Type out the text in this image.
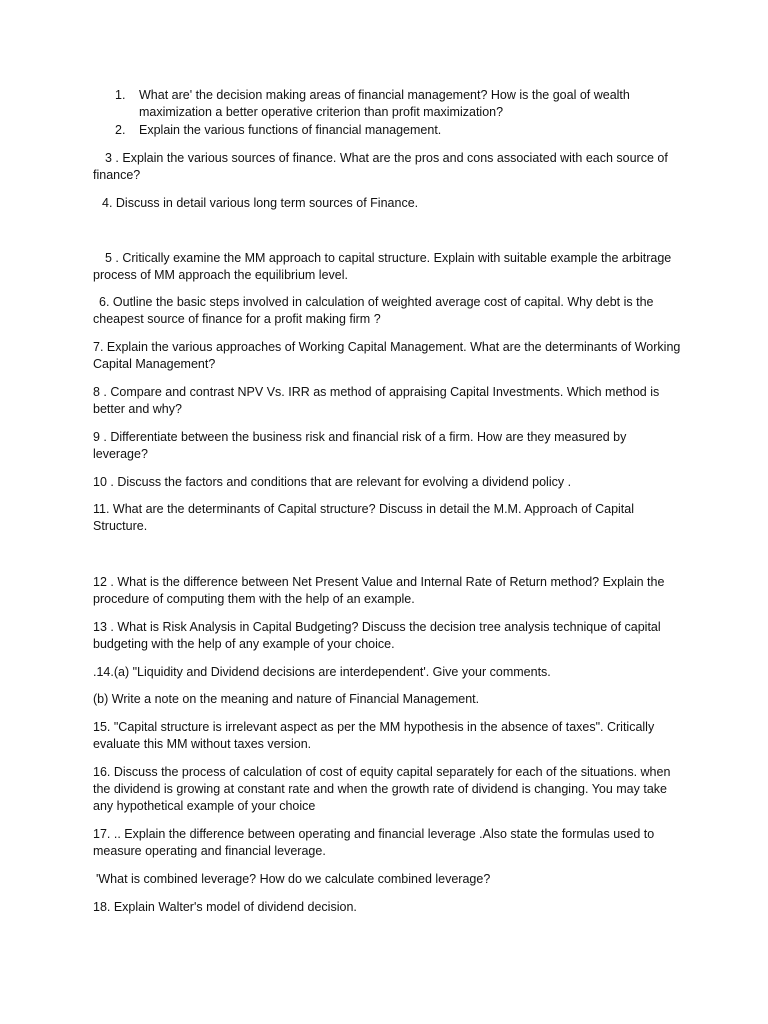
1. What are' the decision making areas of financial management? How is the goal of wealth maximization a better operative criterion than profit maximization?
2. Explain the various functions of financial management.
3 . Explain the various sources of finance. What are the pros and cons associated with each source of finance?
4. Discuss in detail various long term sources of Finance.
5 . Critically examine the MM approach to capital structure. Explain with suitable example the arbitrage process of MM approach the equilibrium level.
6. Outline the basic steps involved in calculation of weighted average cost of capital. Why debt is the cheapest source of finance for a profit making firm ?
7. Explain the various approaches of Working Capital Management. What are the determinants of Working Capital Management?
8 . Compare and contrast NPV Vs. IRR as method of appraising Capital Investments. Which method is better and why?
9 . Differentiate between the business risk and financial risk of a firm. How are they measured by leverage?
10 . Discuss the factors and conditions that are relevant for evolving a dividend policy .
11. What are the determinants of Capital structure? Discuss in detail the M.M. Approach of Capital Structure.
12 . What is the difference between Net Present Value and Internal Rate of Return method? Explain the procedure of computing them with the help of an example.
13 . What is Risk Analysis in Capital Budgeting? Discuss the decision tree analysis technique of capital budgeting with the help of any example of your choice.
.14.(a) "Liquidity and Dividend decisions are interdependent'. Give your comments.
(b) Write a note on the meaning and nature of Financial Management.
15. "Capital structure is irrelevant aspect as per the MM hypothesis in the absence of taxes". Critically evaluate this MM without taxes version.
16. Discuss the process of calculation of cost of equity capital separately for each of the situations. when the dividend is growing at constant rate and when the growth rate of dividend is changing. You may take any hypothetical example of your choice
17. .. Explain the difference between operating and financial leverage .Also state the formulas used to measure operating and financial leverage.
'What is combined leverage? How do we calculate combined leverage?
18. Explain Walter's model of dividend decision.
